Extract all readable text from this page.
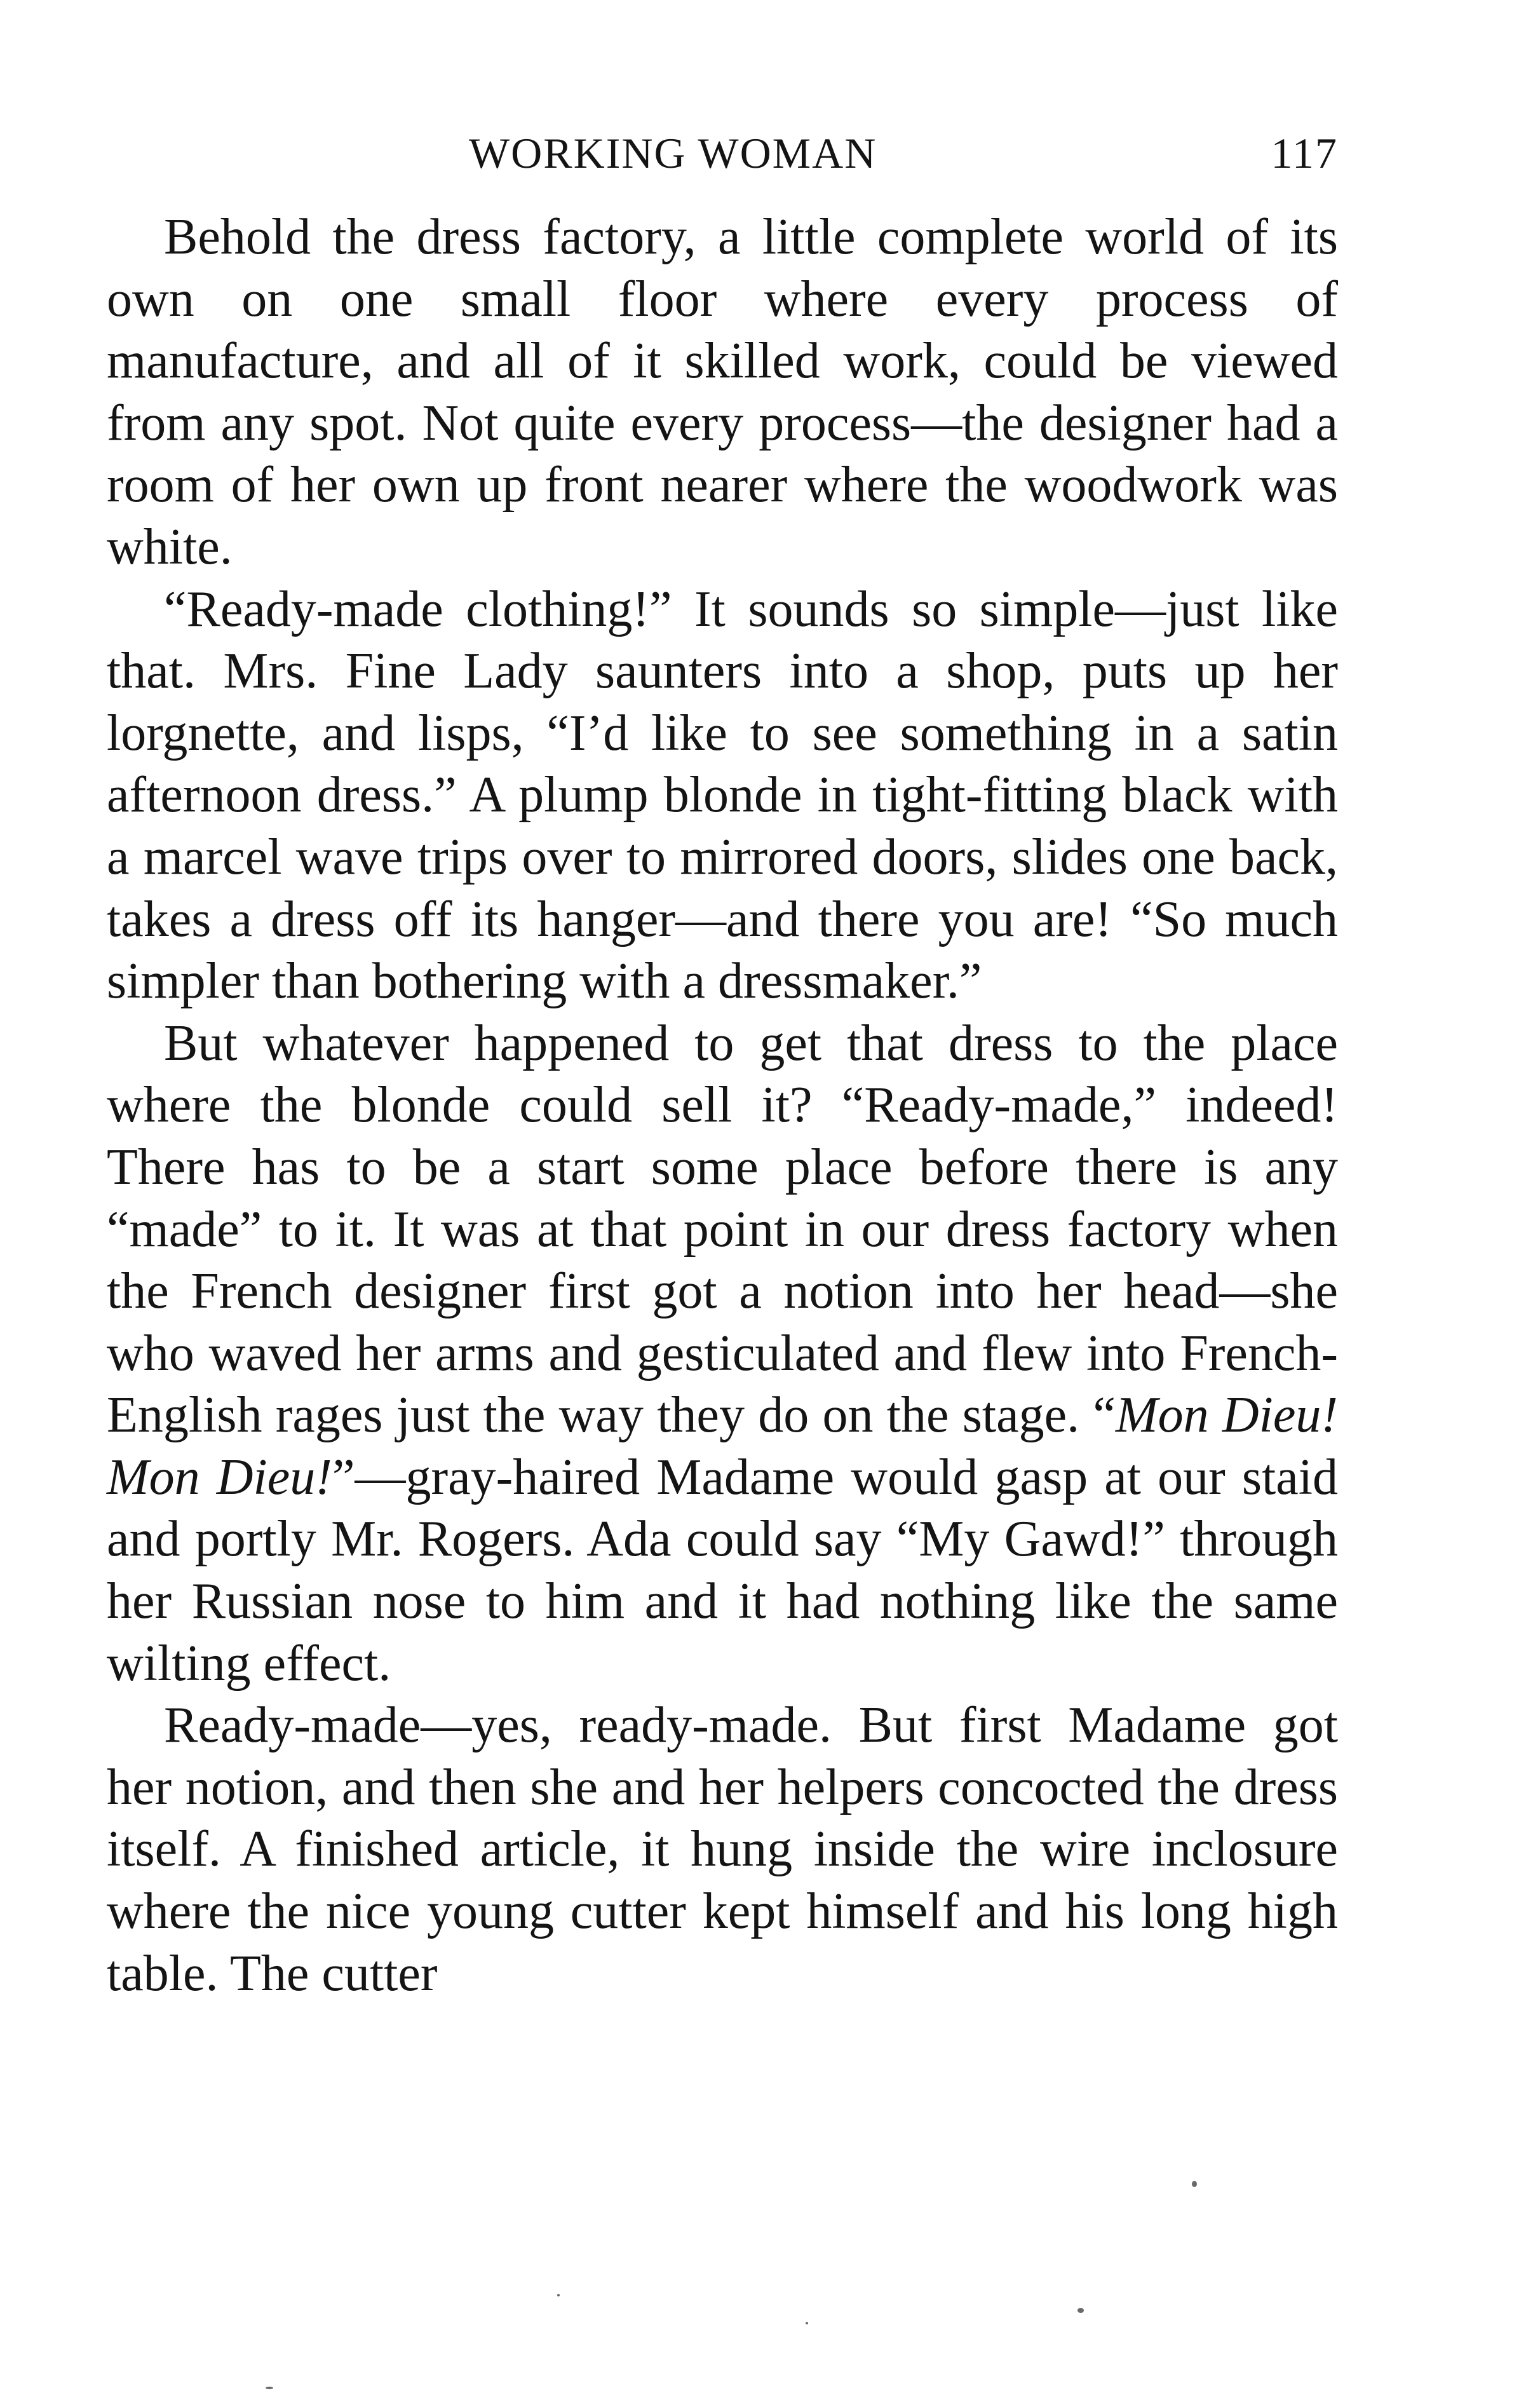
WORKING WOMAN	117

Behold the dress factory, a little complete world of its own on one small floor where every process of manufacture, and all of it skilled work, could be viewed from any spot. Not quite every process—the designer had a room of her own up front nearer where the woodwork was white.

“Ready-made clothing!” It sounds so simple—just like that. Mrs. Fine Lady saunters into a shop, puts up her lorgnette, and lisps, “I’d like to see something in a satin afternoon dress.” A plump blonde in tight-fitting black with a marcel wave trips over to mirrored doors, slides one back, takes a dress off its hanger—and there you are! “So much simpler than bothering with a dressmaker.”

But whatever happened to get that dress to the place where the blonde could sell it? “Ready-made,” indeed! There has to be a start some place before there is any “made” to it. It was at that point in our dress factory when the French designer first got a notion into her head—she who waved her arms and gesticulated and flew into French-English rages just the way they do on the stage. “Mon Dieu! Mon Dieu!”—gray-haired Madame would gasp at our staid and portly Mr. Rogers. Ada could say “My Gawd!” through her Russian nose to him and it had nothing like the same wilting effect.

Ready-made—yes, ready-made. But first Madame got her notion, and then she and her helpers concocted the dress itself. A finished article, it hung inside the wire inclosure where the nice young cutter kept himself and his long high table. The cutter
